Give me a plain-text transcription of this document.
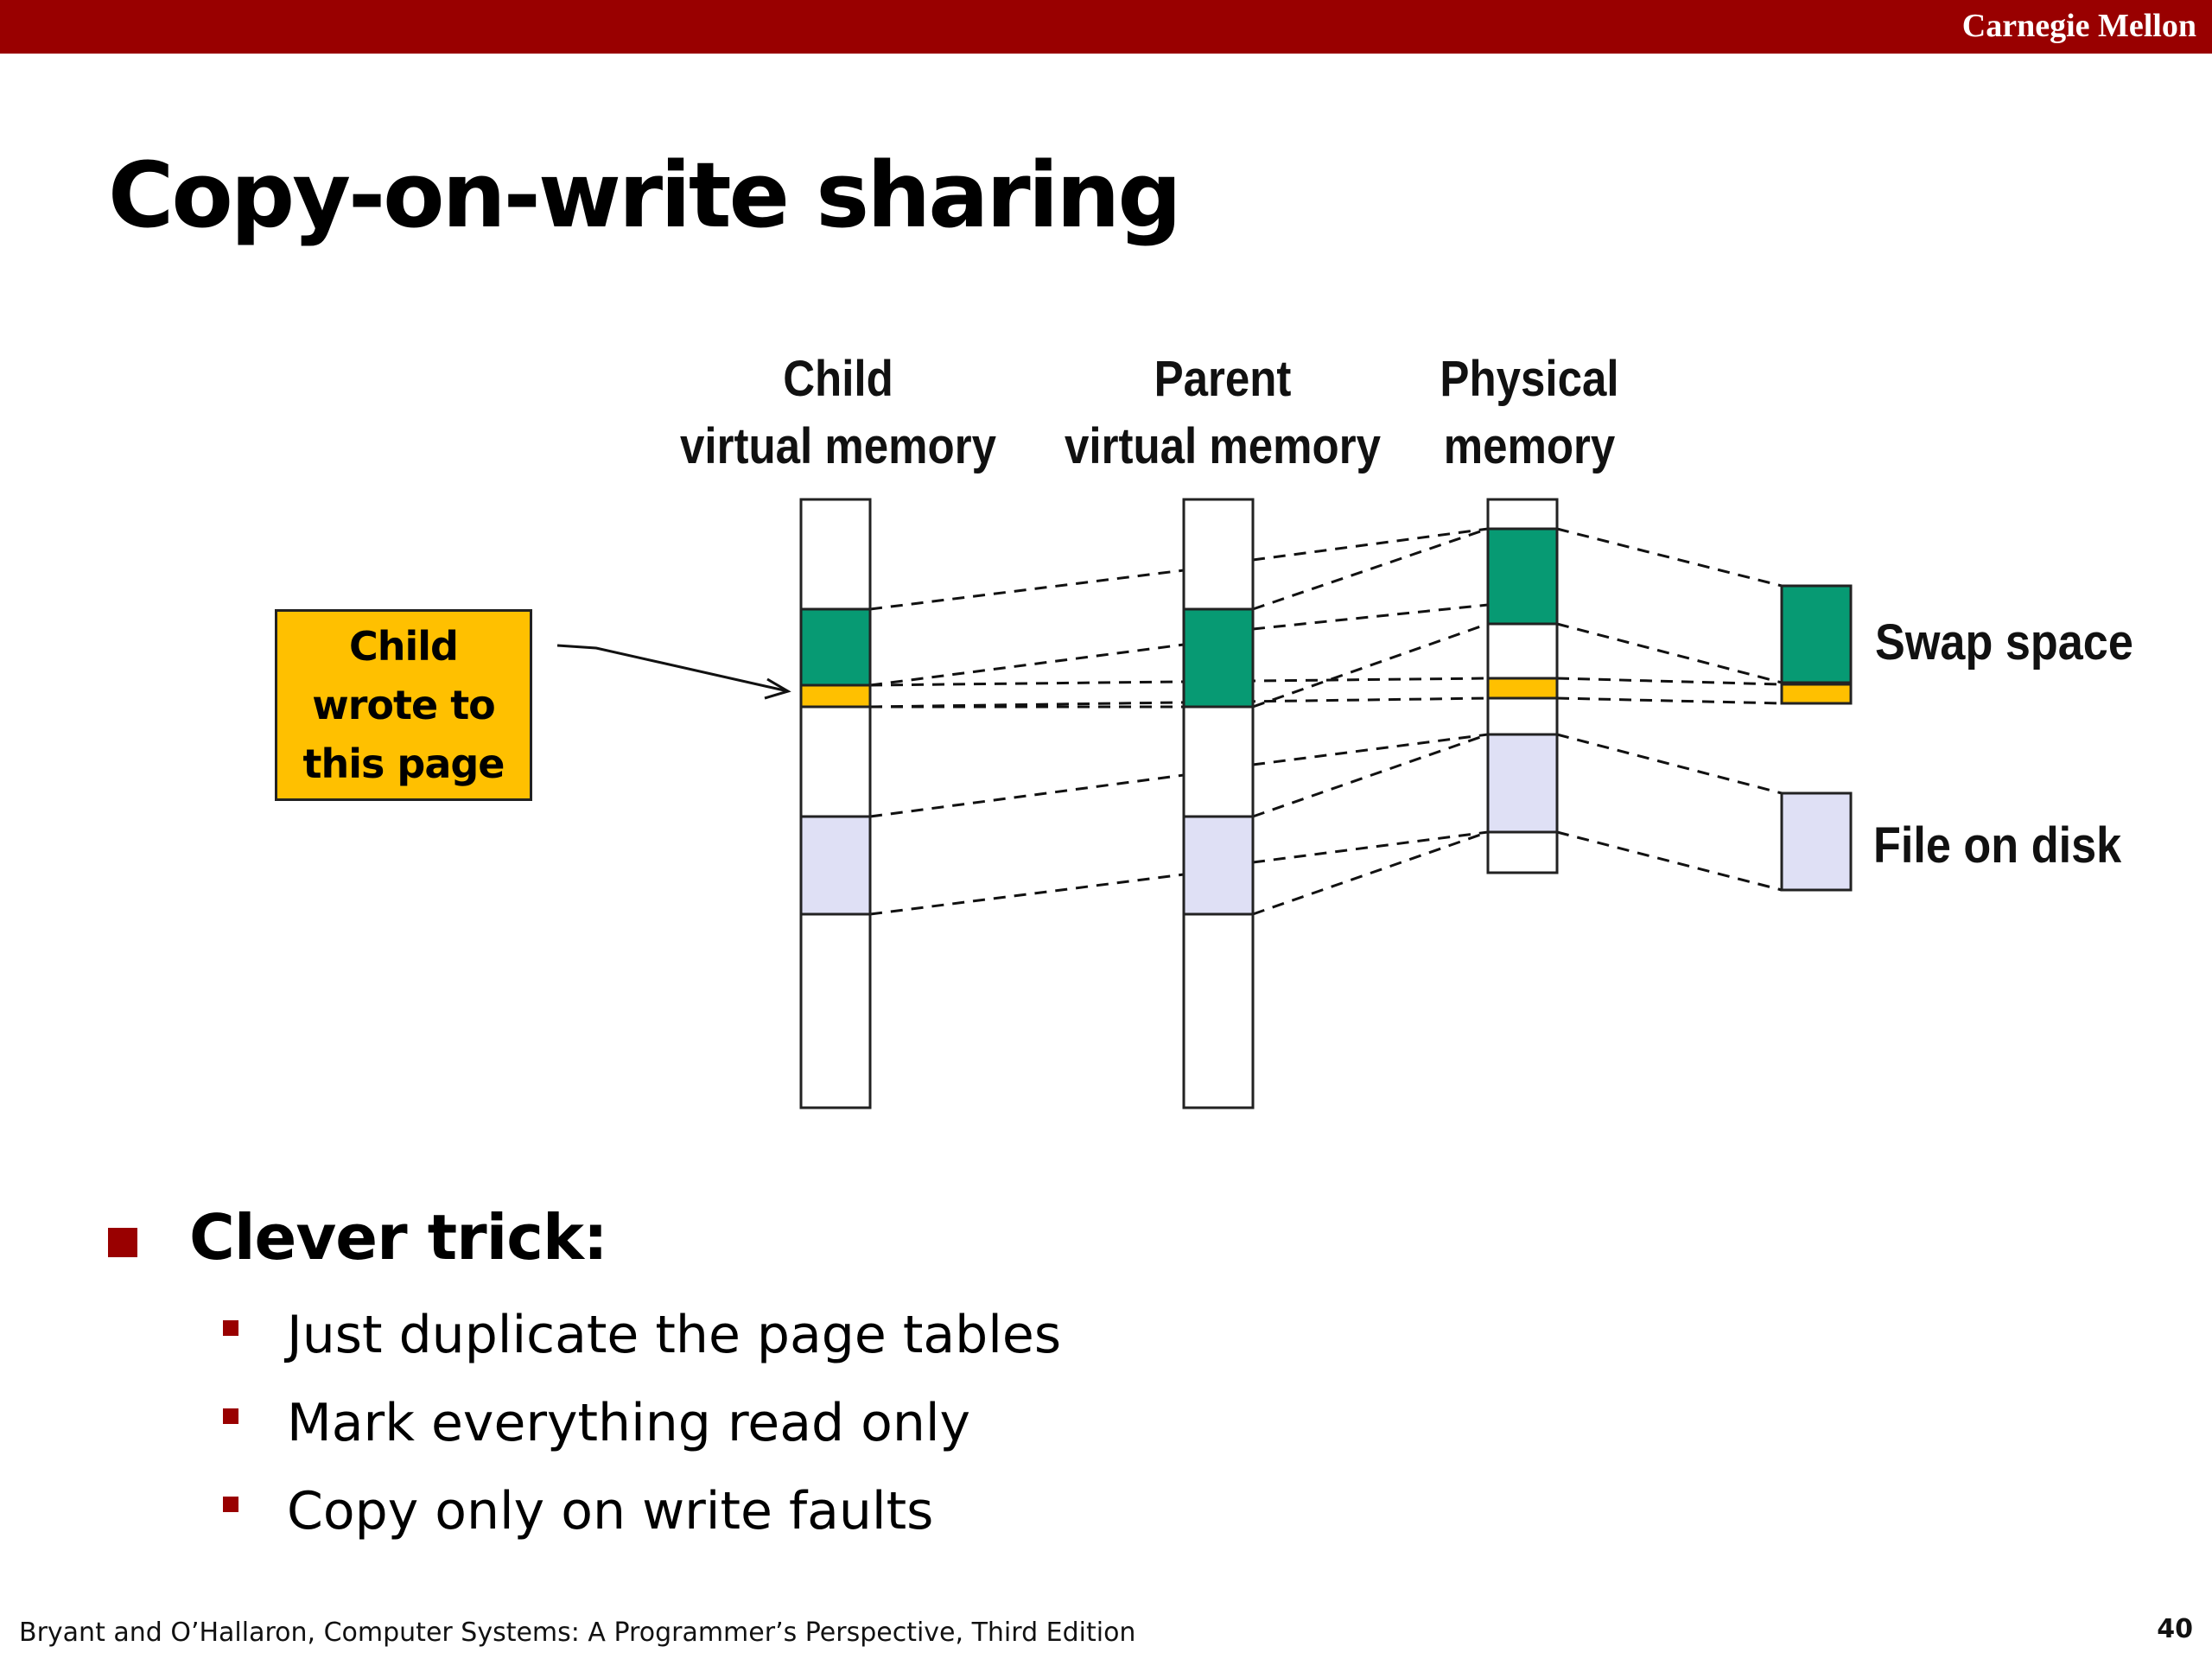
Carnegie Mellon
Copy-on-write sharing
Child
virtual memory
Parent
virtual memory
Physical
memory
Child
wrote to
this page
Swap space
File on disk
Clever trick:
Just duplicate the page tables
Mark everything read only
Copy only on write faults
Bryant and O’Hallaron, Computer Systems: A Programmer’s Perspective, Third Edition	40
